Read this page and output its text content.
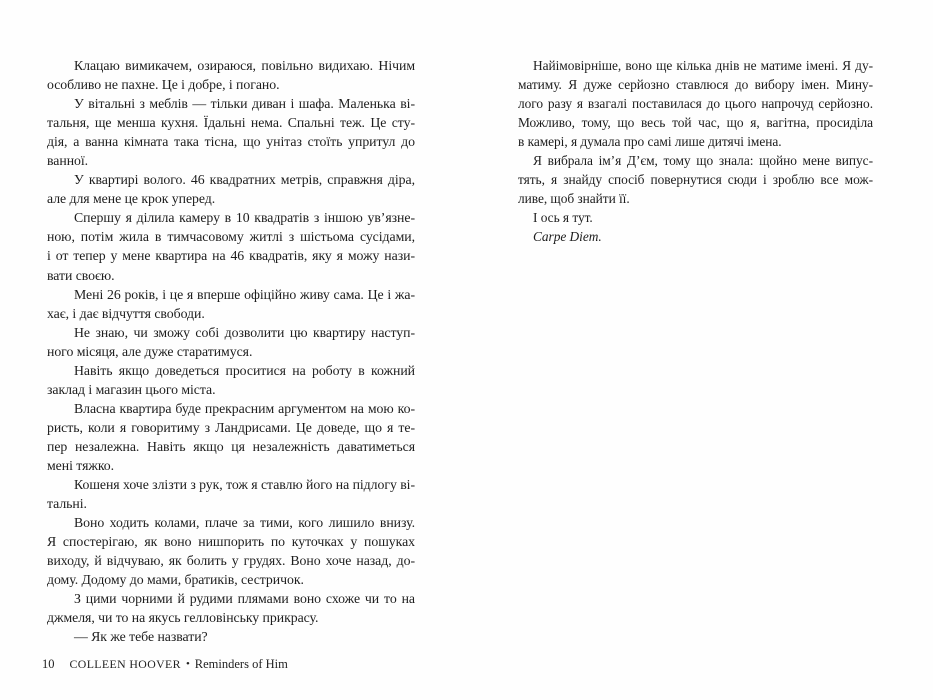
Клацаю вимикачем, озираюся, повільно видихаю. Нічим
особливо не пахне. Це і добре, і погано.
У вітальні з меблів — тільки диван і шафа. Маленька ві-
тальня, ще менша кухня. Їдальні нема. Спальні теж. Це сту-
дія, а ванна кімната така тісна, що унітаз стоїть упритул до
ванної.
У квартирі волого. 46 квадратних метрів, справжня діра,
але для мене це крок уперед.
Спершу я ділила камеру в 10 квадратів з іншою ув’язне-
ною, потім жила в тимчасовому житлі з шістьома сусідами,
і от тепер у мене квартира на 46 квадратів, яку я можу нази-
вати своєю.
Мені 26 років, і це я вперше офіційно живу сама. Це і жа-
хає, і дає відчуття свободи.
Не знаю, чи зможу собі дозволити цю квартиру наступ-
ного місяця, але дуже старатимуся.
Навіть якщо доведеться проситися на роботу в кожний
заклад і магазин цього міста.
Власна квартира буде прекрасним аргументом на мою ко-
ристь, коли я говоритиму з Ландрисами. Це доведе, що я те-
пер незалежна. Навіть якщо ця незалежність даватиметься
мені тяжко.
Кошеня хоче злізти з рук, тож я ставлю його на підлогу ві-
тальні.
Воно ходить колами, плаче за тими, кого лишило внизу.
Я спостерігаю, як воно нишпорить по куточках у пошуках
виходу, й відчуваю, як болить у грудях. Воно хоче назад, до-
дому. Додому до мами, братиків, сестричок.
З цими чорними й рудими плямами воно схоже чи то на
джмеля, чи то на якусь гелловінську прикрасу.
— Як же тебе назвати?
Найімовірніше, воно ще кілька днів не матиме імені. Я ду-
матиму. Я дуже серйозно ставлюся до вибору імен. Мину-
лого разу я взагалі поставилася до цього напрочуд серйозно.
Можливо, тому, що весь той час, що я, вагітна, просиділа
в камері, я думала про самі лише дитячі імена.
Я вибрала ім’я Д’єм, тому що знала: щойно мене випус-
тять, я знайду спосіб повернутися сюди і зроблю все мож-
ливе, щоб знайти її.
І ось я тут.
Carpe Diem.
10 COLLEEN HOOVER • Reminders of Him
